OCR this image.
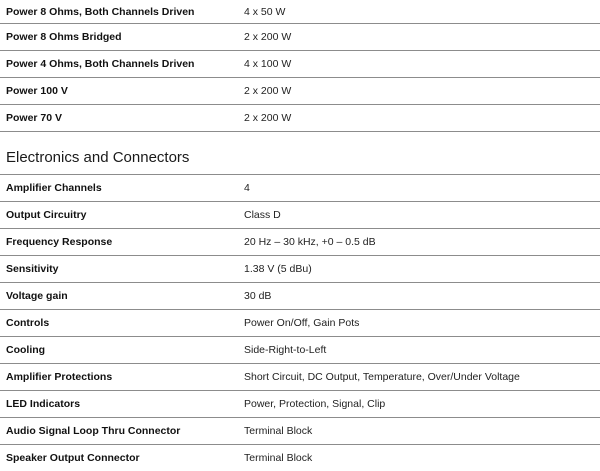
Power 8 Ohms, Both Channels Driven	4 x 50 W
Power 8 Ohms Bridged	2 x 200 W
Power 4 Ohms, Both Channels Driven	4 x 100 W
Power 100 V	2 x 200 W
Power 70 V	2 x 200 W
Electronics and Connectors
Amplifier Channels	4
Output Circuitry	Class D
Frequency Response	20 Hz – 30 kHz, +0 – 0.5 dB
Sensitivity	1.38 V (5 dBu)
Voltage gain	30 dB
Controls	Power On/Off, Gain Pots
Cooling	Side-Right-to-Left
Amplifier Protections	Short Circuit, DC Output, Temperature, Over/Under Voltage
LED Indicators	Power, Protection, Signal, Clip
Audio Signal Loop Thru Connector	Terminal Block
Speaker Output Connector	Terminal Block
